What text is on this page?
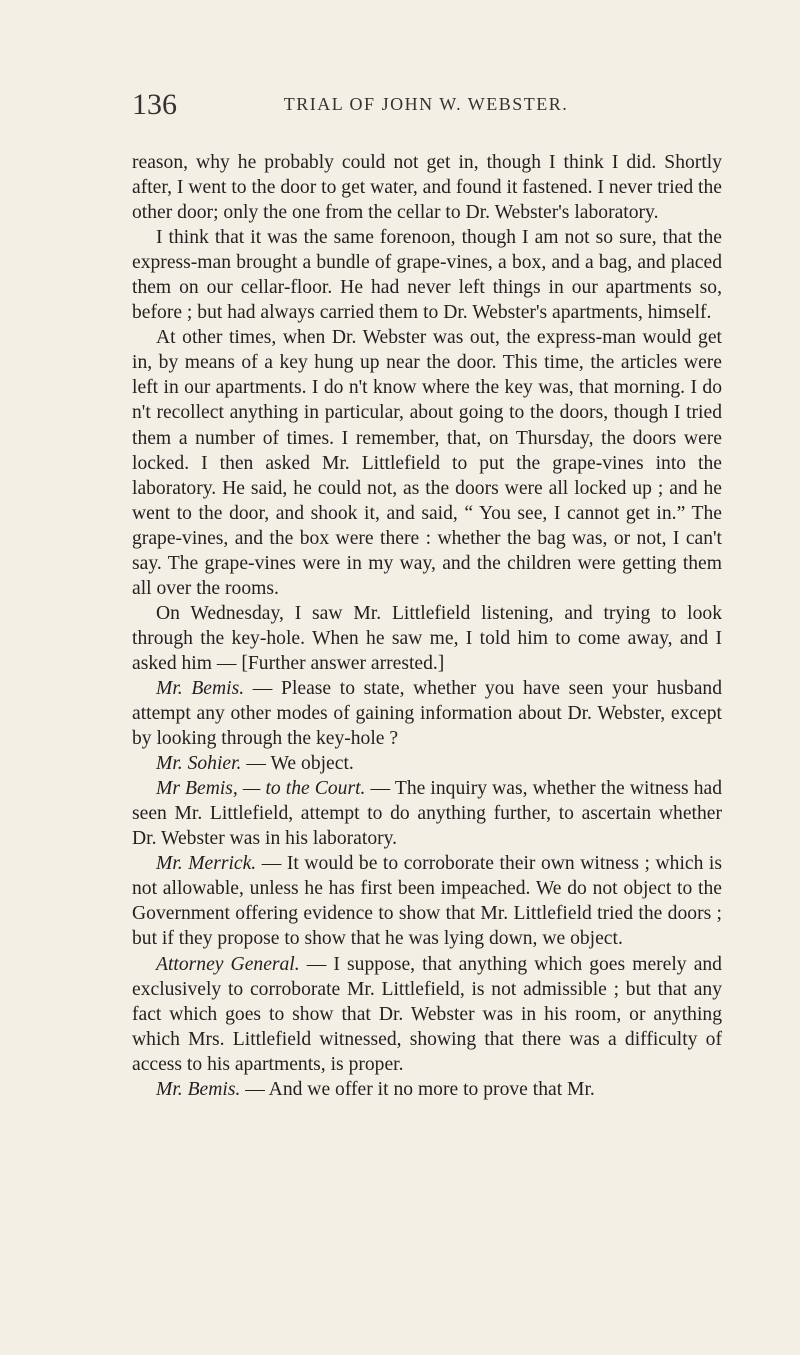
136	TRIAL OF JOHN W. WEBSTER.

reason, why he probably could not get in, though I think I did. Shortly after, I went to the door to get water, and found it fastened. I never tried the other door; only the one from the cellar to Dr. Webster's laboratory.

I think that it was the same forenoon, though I am not so sure, that the express-man brought a bundle of grape-vines, a box, and a bag, and placed them on our cellar-floor. He had never left things in our apartments so, before ; but had always carried them to Dr. Webster's apartments, himself.

At other times, when Dr. Webster was out, the express-man would get in, by means of a key hung up near the door. This time, the articles were left in our apartments. I do n't know where the key was, that morning. I do n't recollect anything in particular, about going to the doors, though I tried them a number of times. I remember, that, on Thursday, the doors were locked. I then asked Mr. Littlefield to put the grape-vines into the laboratory. He said, he could not, as the doors were all locked up ; and he went to the door, and shook it, and said, “ You see, I cannot get in.” The grape-vines, and the box were there : whether the bag was, or not, I can't say. The grape-vines were in my way, and the children were getting them all over the rooms.

On Wednesday, I saw Mr. Littlefield listening, and trying to look through the key-hole. When he saw me, I told him to come away, and I asked him — [Further answer arrested.]

Mr. Bemis. — Please to state, whether you have seen your husband attempt any other modes of gaining information about Dr. Webster, except by looking through the key-hole ?

Mr. Sohier. — We object.

Mr Bemis, — to the Court. — The inquiry was, whether the witness had seen Mr. Littlefield, attempt to do anything further, to ascertain whether Dr. Webster was in his laboratory.

Mr. Merrick. — It would be to corroborate their own witness ; which is not allowable, unless he has first been impeached. We do not object to the Government offering evidence to show that Mr. Littlefield tried the doors ; but if they propose to show that he was lying down, we object.

Attorney General. — I suppose, that anything which goes merely and exclusively to corroborate Mr. Littlefield, is not admissible ; but that any fact which goes to show that Dr. Webster was in his room, or anything which Mrs. Littlefield witnessed, showing that there was a difficulty of access to his apartments, is proper.

Mr. Bemis. — And we offer it no more to prove that Mr.
